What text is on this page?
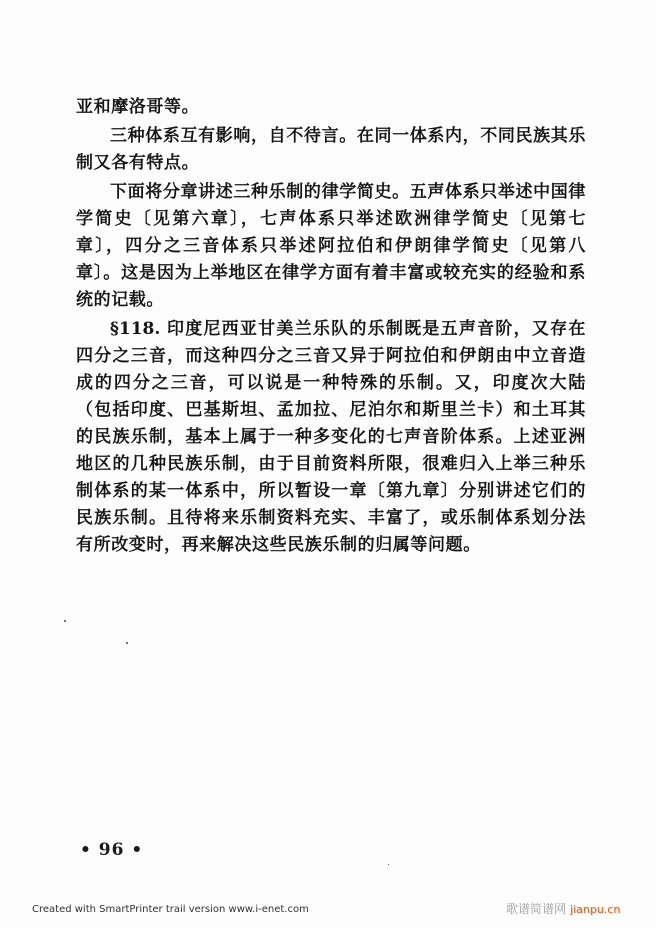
亚和摩洛哥等。

三种体系互有影响，自不待言。在同一体系内，不同民族其乐制又各有特点。

下面将分章讲述三种乐制的律学简史。五声体系只举述中国律学简史〔见第六章〕，七声体系只举述欧洲律学简史〔见第七章〕，四分之三音体系只举述阿拉伯和伊朗律学简史〔见第八章〕。这是因为上举地区在律学方面有着丰富或较充实的经验和系统的记载。

§118. 印度尼西亚甘美兰乐队的乐制既是五声音阶，又存在四分之三音，而这种四分之三音又异于阿拉伯和伊朗由中立音造成的四分之三音，可以说是一种特殊的乐制。又，印度次大陆（包括印度、巴基斯坦、孟加拉、尼泊尔和斯里兰卡）和土耳其的民族乐制，基本上属于一种多变化的七声音阶体系。上述亚洲地区的几种民族乐制，由于目前资料所限，很难归入上举三种乐制体系的某一体系中，所以暂设一章〔第九章〕分别讲述它们的民族乐制。且待将来乐制资料充实、丰富了，或乐制体系划分法有所改变时，再来解决这些民族乐制的归属等问题。

• 96 •
Created with SmartPrinter trail version www.i-enet.com	歌谱简谱网 jianpu.cn
